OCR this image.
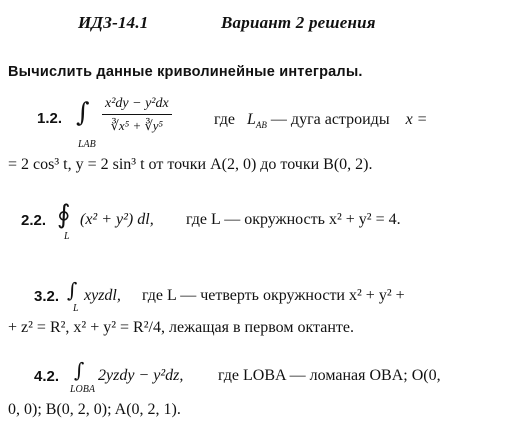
ИДЗ-14.1	Вариант 2 решения
Вычислить данные криволинейные интегралы.
1.2. ∫
LAB
$\frac{\text{x²dy − y²dx}}{\text{∛x⁵ + ∛y⁵}}$	где $L_{AB}$ — дуга астроиды x =
= 2 cos³ t, y = 2 sin³ t от точки A(2, 0) до точки B(0, 2).
2.2. ∮
L
(x² + y²) dl, где L — окружность x² + y² = 4.
3.2. ∫
L
xyzdl, где L — четверть окружности x² + y² +
+ z² = R², x² + y² = R²/4, лежащая в первом октанте.
4.2. ∫
LOBA
2yzdy − y²dz, где LOBA — ломаная OBA; O(0,
0, 0); B(0, 2, 0); A(0, 2, 1).
